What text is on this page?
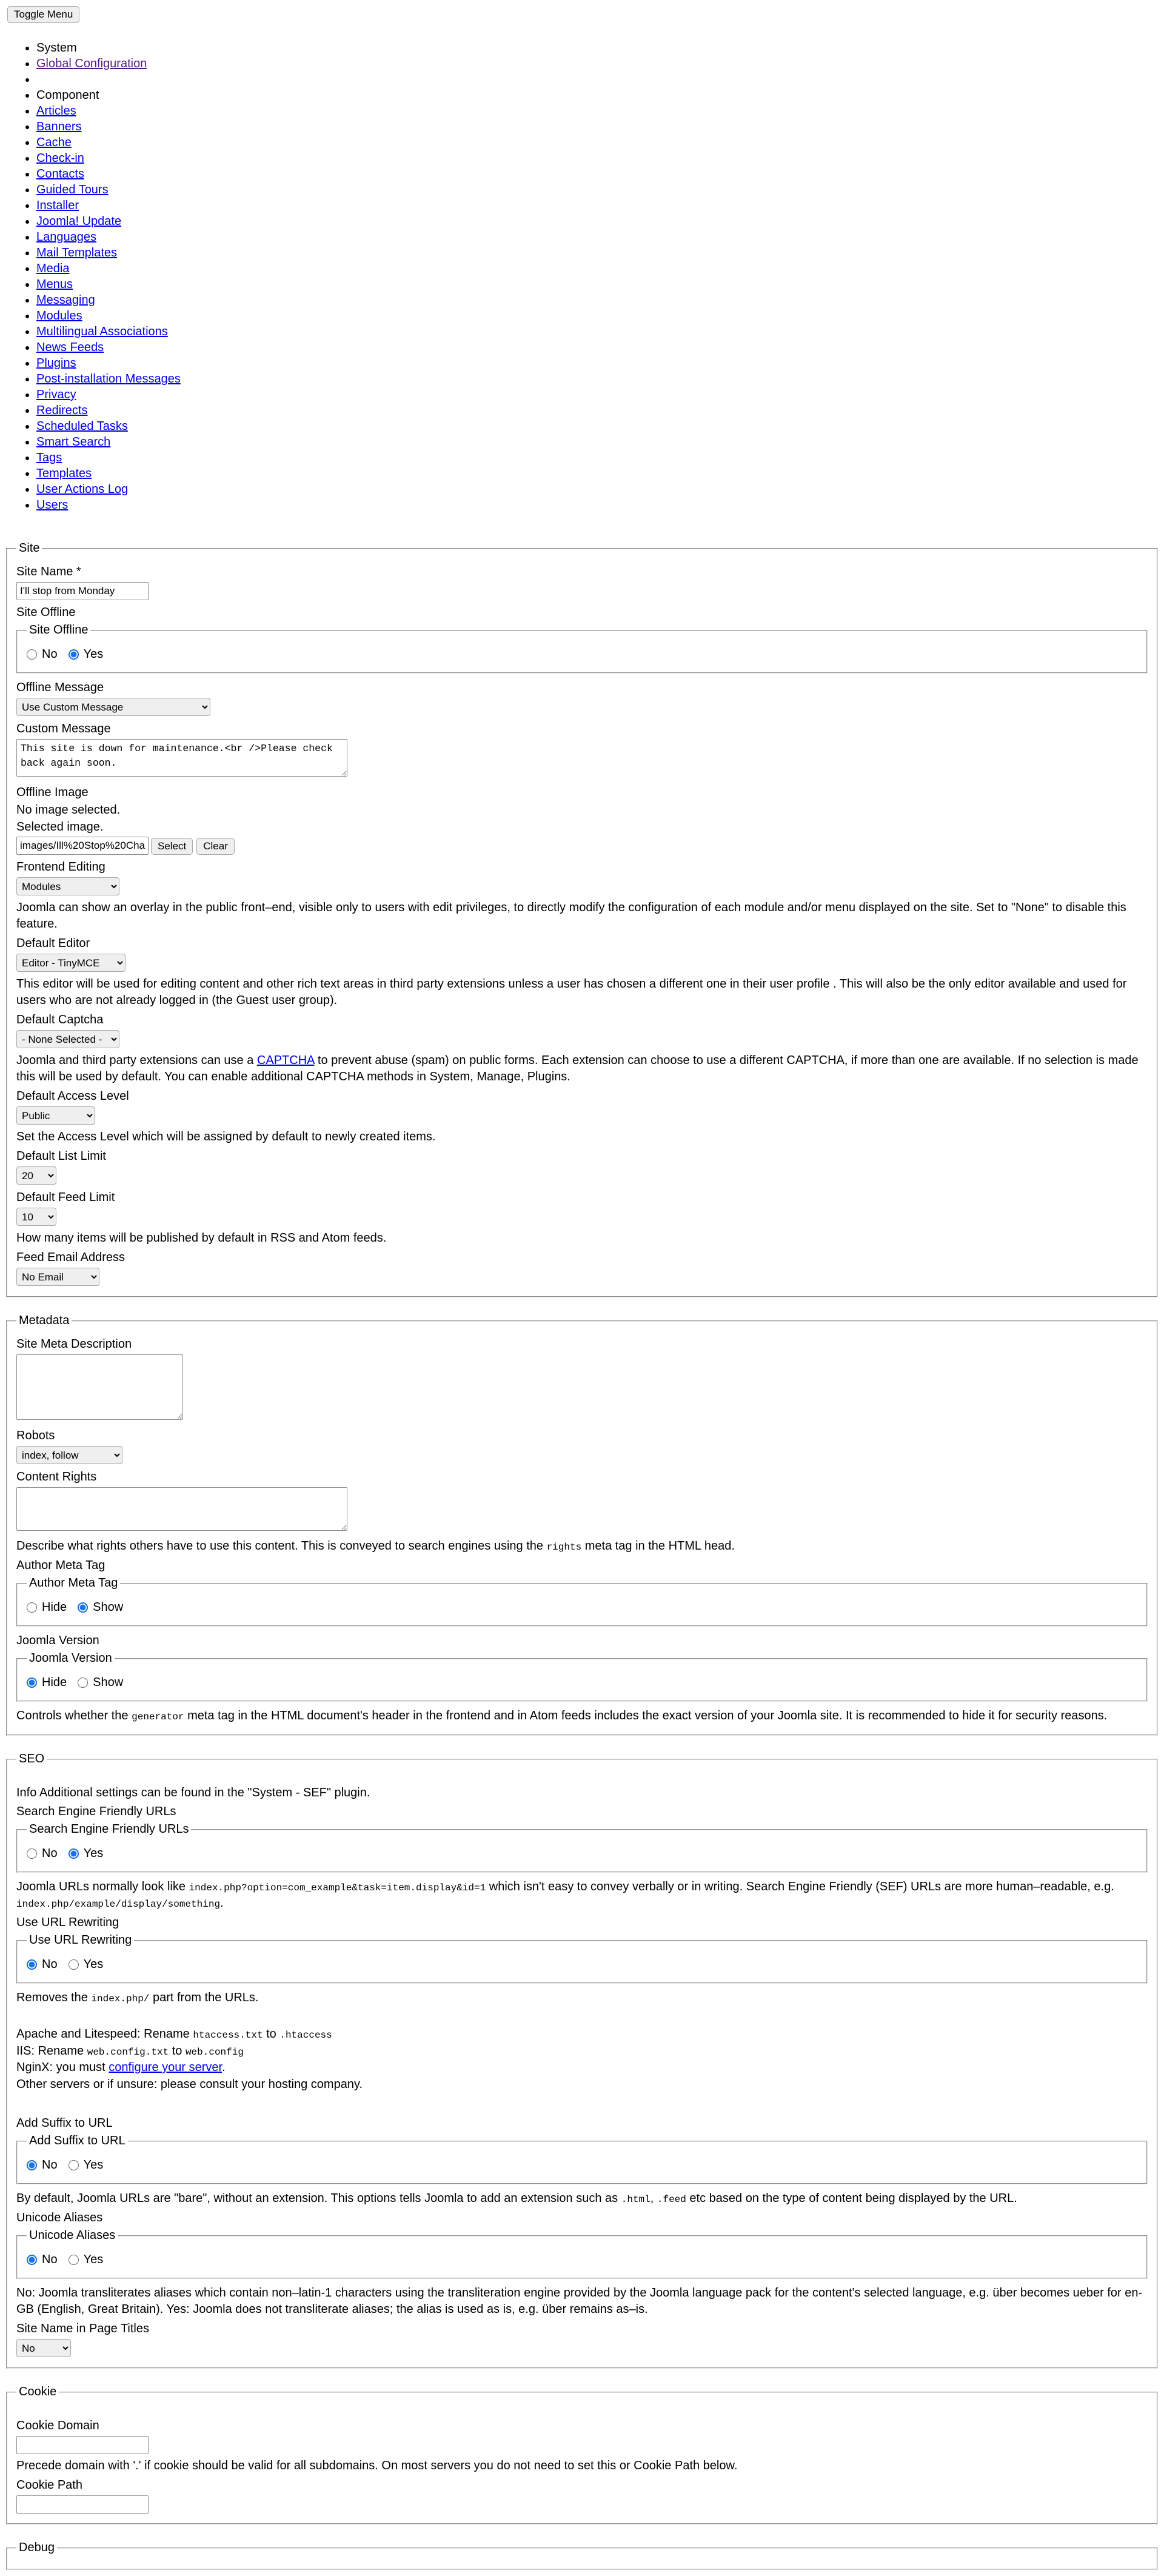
Toggle Menu
• System
• Global Configuration
•
• Component
• Articles
• Banners
• Cache
• Check-in
• Contacts
• Guided Tours
• Installer
• Joomla! Update
• Languages
• Mail Templates
• Media
• Menus
• Messaging
• Modules
• Multilingual Associations
• News Feeds
• Plugins
• Post-installation Messages
• Privacy
• Redirects
• Scheduled Tasks
• Smart Search
• Tags
• Templates
• User Actions Log
• Users
Site
Site Name *
I'll stop from Monday
Site Offline
Site Offline
No Yes
Offline Message
Use Custom Message
Custom Message
This site is down for maintenance.<br />Please check back again soon.
Offline Image
No image selected.
Selected image.
images/Ill%20Stop%20Cha
Select	Clear
Frontend Editing
Modules
Joomla can show an overlay in the public front–end, visible only to users with edit privileges, to directly modify the configuration of each module and/or menu displayed on the site. Set to "None" to disable this feature.
Default Editor
Editor - TinyMCE
This editor will be used for editing content and other rich text areas in third party extensions unless a user has chosen a different one in their user profile . This will also be the only editor available and used for users who are not already logged in (the Guest user group).
Default Captcha
- None Selected -
Joomla and third party extensions can use a CAPTCHA to prevent abuse (spam) on public forms. Each extension can choose to use a different CAPTCHA, if more than one are available. If no selection is made this will be used by default. You can enable additional CAPTCHA methods in System, Manage, Plugins.
Default Access Level
Public
Set the Access Level which will be assigned by default to newly created items.
Default List Limit
20
Default Feed Limit
10
How many items will be published by default in RSS and Atom feeds.
Feed Email Address
No Email
Metadata
Site Meta Description
Robots
index, follow
Content Rights
Describe what rights others have to use this content. This is conveyed to search engines using the rights meta tag in the HTML head.
Author Meta Tag
Author Meta Tag
Hide Show
Joomla Version
Joomla Version
Hide Show
Controls whether the generator meta tag in the HTML document's header in the frontend and in Atom feeds includes the exact version of your Joomla site. It is recommended to hide it for security reasons.
SEO
Info Additional settings can be found in the "System - SEF" plugin.
Search Engine Friendly URLs
Search Engine Friendly URLs
No Yes
Joomla URLs normally look like index.php?option=com_example&task=item.display&id=1 which isn't easy to convey verbally or in writing. Search Engine Friendly (SEF) URLs are more human–readable, e.g. index.php/example/display/something.
Use URL Rewriting
Use URL Rewriting
No Yes
Removes the index.php/ part from the URLs.
Apache and Litespeed: Rename htaccess.txt to .htaccess
IIS: Rename web.config.txt to web.config
NginX: you must configure your server.
Other servers or if unsure: please consult your hosting company.
Add Suffix to URL
Add Suffix to URL
No Yes
By default, Joomla URLs are "bare", without an extension. This options tells Joomla to add an extension such as .html, .feed etc based on the type of content being displayed by the URL.
Unicode Aliases
Unicode Aliases
No Yes
No: Joomla transliterates aliases which contain non–latin-1 characters using the transliteration engine provided by the Joomla language pack for the content's selected language, e.g. über becomes ueber for en-GB (English, Great Britain). Yes: Joomla does not transliterate aliases; the alias is used as is, e.g. über remains as–is.
Site Name in Page Titles
No
Cookie
Cookie Domain
Precede domain with '.' if cookie should be valid for all subdomains. On most servers you do not need to set this or Cookie Path below.
Cookie Path
Debug
